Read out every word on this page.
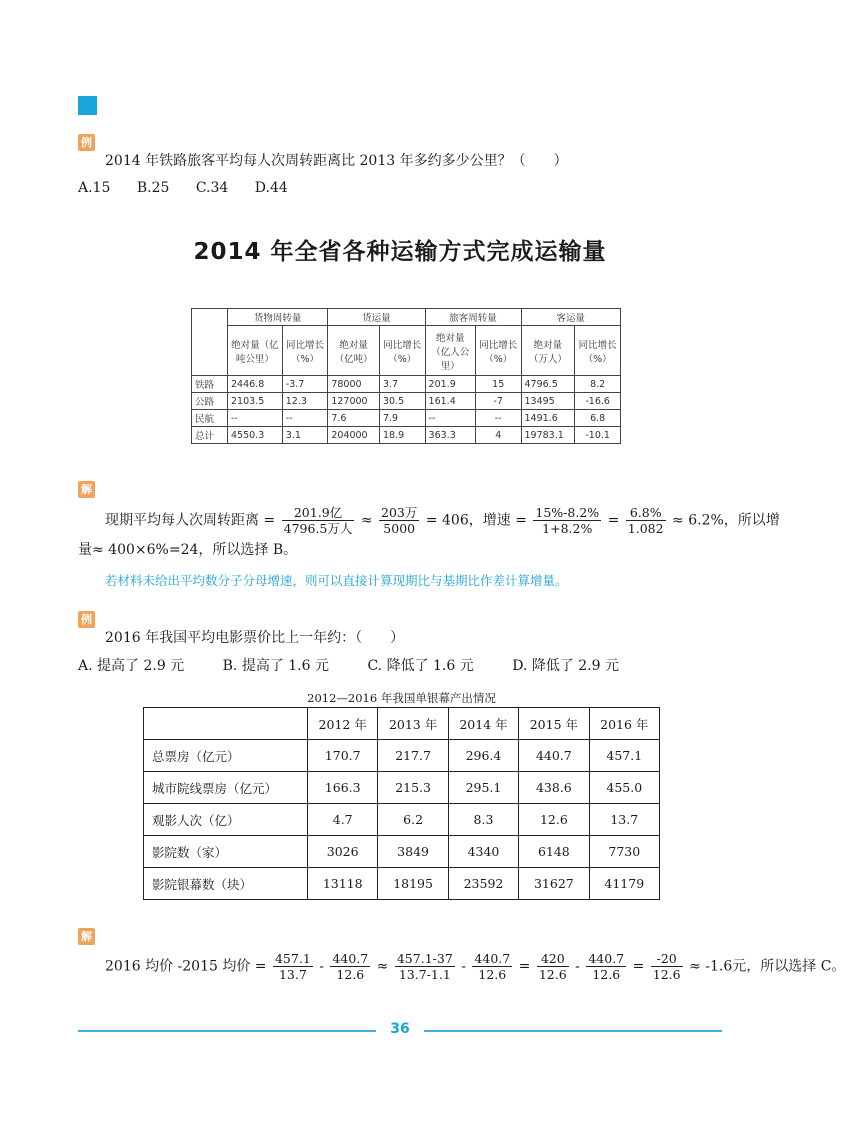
例
2014 年铁路旅客平均每人次周转距离比 2013 年多约多少公里？（　　）
A.15 B.25 C.34 D.44
2014 年全省各种运输方式完成运输量
	货物周转量		货运量		旅客周转量		客运量	
	绝对量（亿吨公里）	同比增长（%）	绝对量（亿吨）	同比增长（%）	绝对量（亿人公里）	同比增长（%）	绝对量（万人）	同比增长（%）
铁路	2446.8	-3.7	78000	3.7	201.9	15	4796.5	8.2
公路	2103.5	12.3	127000	30.5	161.4	-7	13495	-16.6
民航	--	--	7.6	7.9	--	--	1491.6	6.8
总计	4550.3	3.1	204000	18.9	363.3	4	19783.1	-10.1
解
现期平均每人次周转距离 = $\frac{\text{201.9亿}}{\text{4796.5万人}} \approx \frac{\text{203万}}{5000} = 406$，增速 = $\frac{15\%-8.2\%}{1+8.2\%} = \frac{6.8\%}{1.082} \approx 6.2\%$，所以增
量≈ 400×6%=24，所以选择 B。
若材料未给出平均数分子分母增速，则可以直接计算现期比与基期比作差计算增量。
例
2016 年我国平均电影票价比上一年约：（　　）
A. 提高了 2.9 元	B. 提高了 1.6 元	C. 降低了 1.6 元	D. 降低了 2.9 元
2012—2016 年我国单银幕产出情况
	2012 年	2013 年	2014 年	2015 年	2016 年
总票房（亿元）	170.7	217.7	296.4	440.7	457.1
城市院线票房（亿元）	166.3	215.3	295.1	438.6	455.0
观影人次（亿）	4.7	6.2	8.3	12.6	13.7
影院数（家）	3026	3849	4340	6148	7730
影院银幕数（块）	13118	18195	23592	31627	41179
解
2016 均价 -2015 均价 = $\frac{457.1}{13.7} - \frac{440.7}{12.6} \approx \frac{457.1-37}{13.7-1.1} - \frac{440.7}{12.6} = \frac{420}{12.6} - \frac{440.7}{12.6} = \frac{-20}{12.6} \approx -1.6$元，所以选择 C。
36
